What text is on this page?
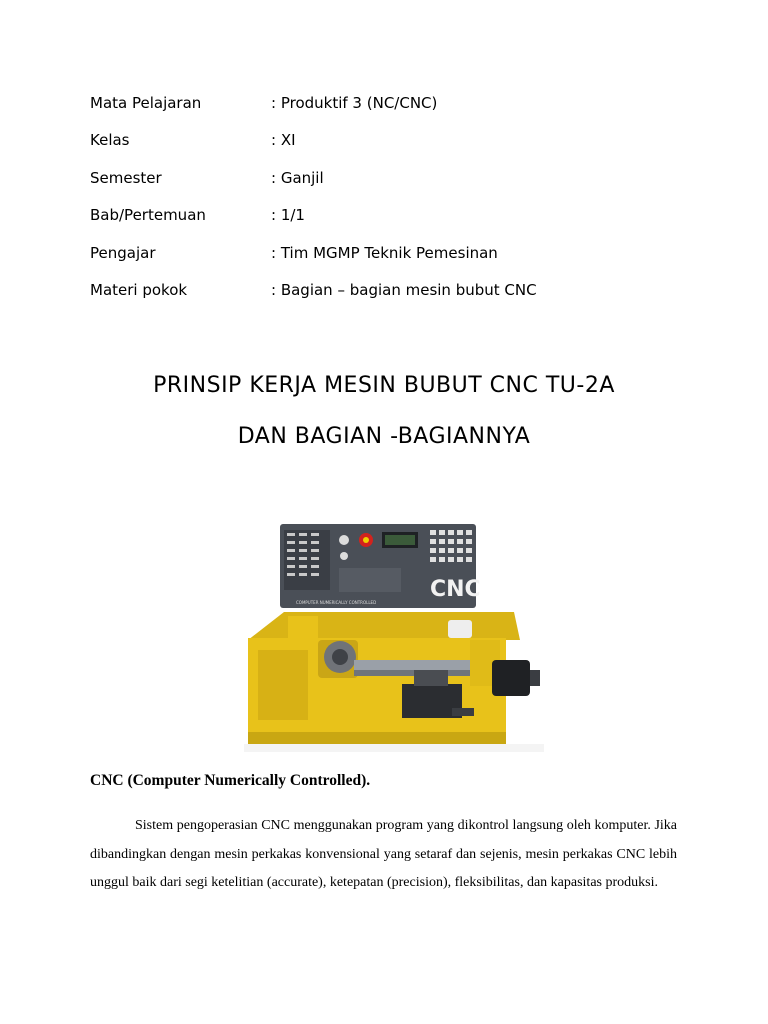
Mata Pelajaran	: Produktif 3 (NC/CNC)
Kelas	: XI
Semester	: Ganjil
Bab/Pertemuan	: 1/1
Pengajar	: Tim MGMP Teknik Pemesinan
Materi pokok	: Bagian – bagian mesin bubut CNC
PRINSIP KERJA MESIN BUBUT CNC TU-2A
DAN BAGIAN -BAGIANNYA
CNC
COMPUTER NUMERICALLY CONTROLLED
CNC (Computer Numerically Controlled).
Sistem pengoperasian CNC menggunakan program yang dikontrol langsung oleh komputer. Jika dibandingkan dengan mesin perkakas konvensional yang setaraf dan sejenis, mesin perkakas CNC lebih unggul baik dari segi ketelitian (accurate), ketepatan (precision), fleksibilitas, dan kapasitas produksi.
